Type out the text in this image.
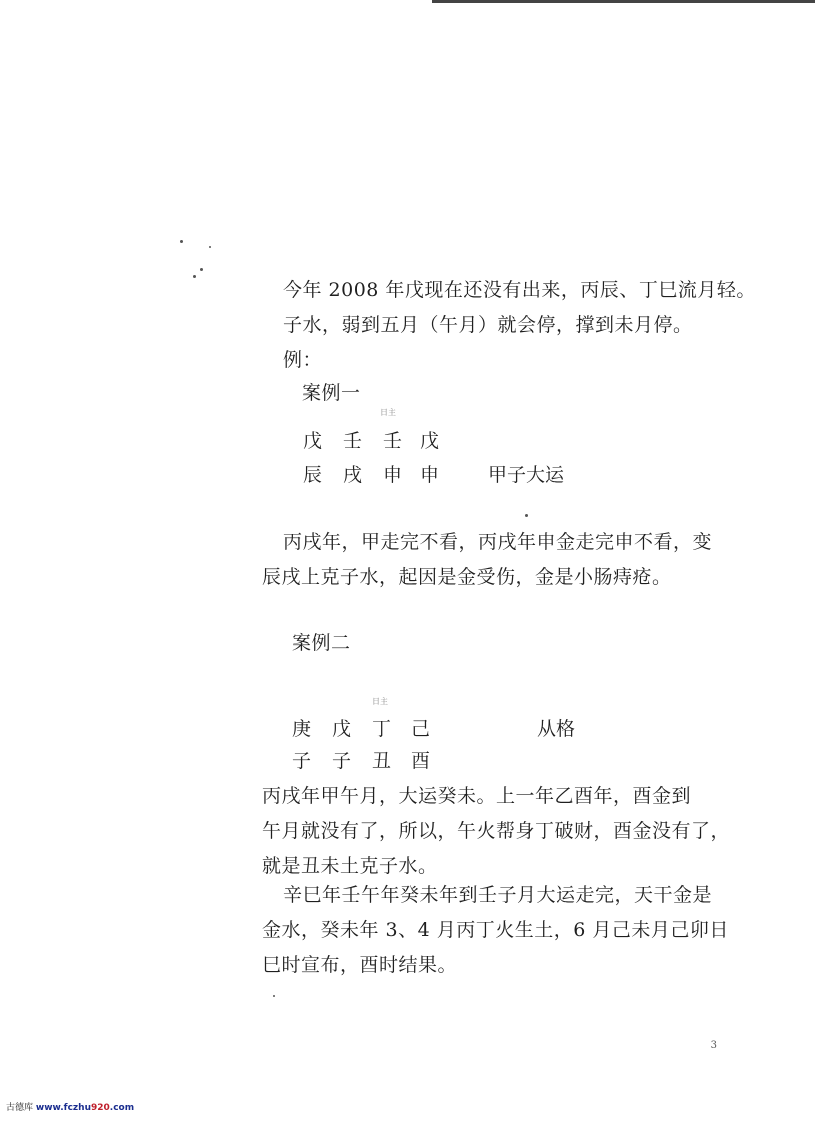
今年 2008 年戊现在还没有出来，丙辰、丁巳流月轻。
子水，弱到五月（午月）就会停，撑到未月停。
例：
案例一
日主
戊 壬 壬 戊
辰 戌 申 申	甲子大运
丙戌年，甲走完不看，丙戌年申金走完申不看，变
辰戌上克子水，起因是金受伤，金是小肠痔疮。
案例二
日主
庚 戊 丁 己	从格
子 子 丑 酉
丙戌年甲午月，大运癸未。上一年乙酉年，酉金到
午月就没有了，所以，午火帮身丁破财，酉金没有了，
就是丑未土克子水。
辛巳年壬午年癸未年到壬子月大运走完，天干金是
金水，癸未年 3、4 月丙丁火生土，6 月己未月己卯日
巳时宣布，酉时结果。
3
古德库 www.fczhu920.com
